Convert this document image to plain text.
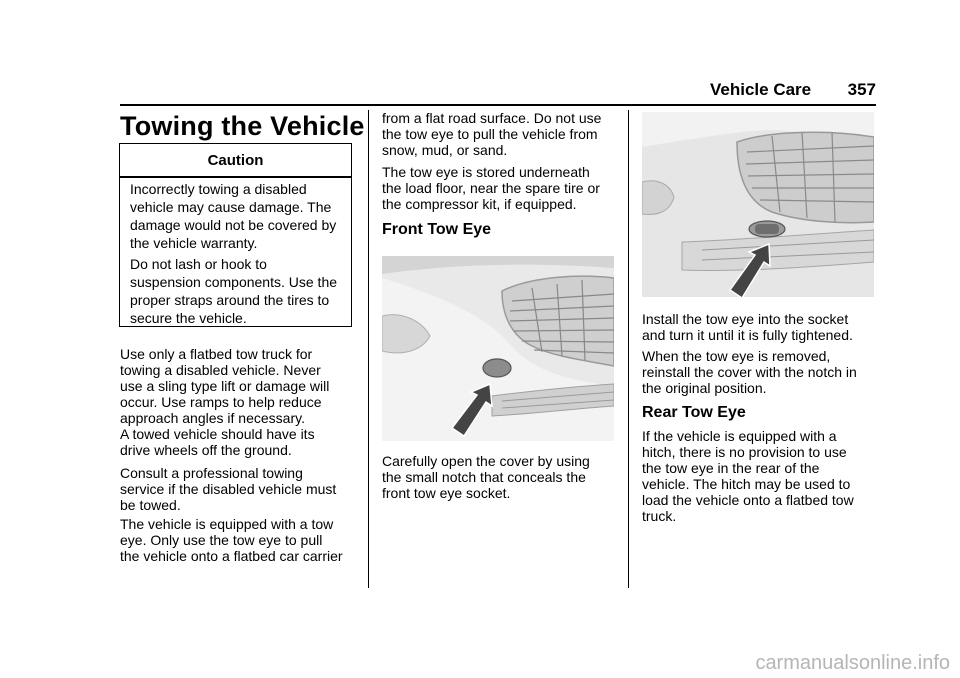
Vehicle Care 357
Towing the Vehicle
Caution
Incorrectly towing a disabled
vehicle may cause damage. The
damage would not be covered by
the vehicle warranty.
Do not lash or hook to
suspension components. Use the
proper straps around the tires to
secure the vehicle.
Use only a flatbed tow truck for
towing a disabled vehicle. Never
use a sling type lift or damage will
occur. Use ramps to help reduce
approach angles if necessary.
A towed vehicle should have its
drive wheels off the ground.
Consult a professional towing
service if the disabled vehicle must
be towed.
The vehicle is equipped with a tow
eye. Only use the tow eye to pull
the vehicle onto a flatbed car carrier
from a flat road surface. Do not use
the tow eye to pull the vehicle from
snow, mud, or sand.
The tow eye is stored underneath
the load floor, near the spare tire or
the compressor kit, if equipped.
Front Tow Eye
Carefully open the cover by using
the small notch that conceals the
front tow eye socket.
Install the tow eye into the socket
and turn it until it is fully tightened.
When the tow eye is removed,
reinstall the cover with the notch in
the original position.
Rear Tow Eye
If the vehicle is equipped with a
hitch, there is no provision to use
the tow eye in the rear of the
vehicle. The hitch may be used to
load the vehicle onto a flatbed tow
truck.
carmanualsonline.info
